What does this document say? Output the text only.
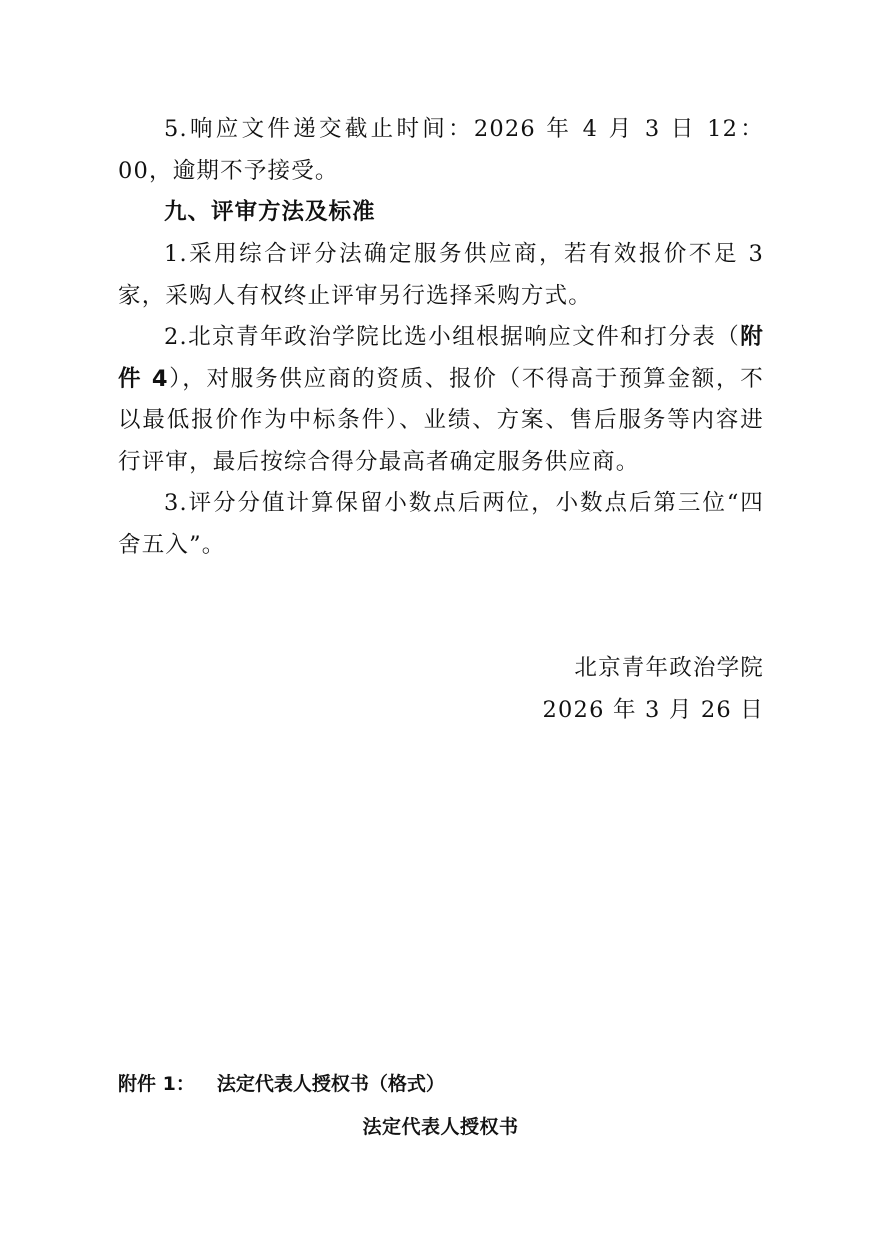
5.响应文件递交截止时间：2026 年 4 月 3 日 12：00，逾期不予接受。

九、评审方法及标准

1.采用综合评分法确定服务供应商，若有效报价不足 3 家，采购人有权终止评审另行选择采购方式。

2.北京青年政治学院比选小组根据响应文件和打分表（附件 4），对服务供应商的资质、报价（不得高于预算金额，不以最低报价作为中标条件）、业绩、方案、售后服务等内容进行评审，最后按综合得分最高者确定服务供应商。

3.评分分值计算保留小数点后两位，小数点后第三位“四舍五入”。

北京青年政治学院

2026 年 3 月 26 日

附件 1： 法定代表人授权书（格式）
法定代表人授权书
